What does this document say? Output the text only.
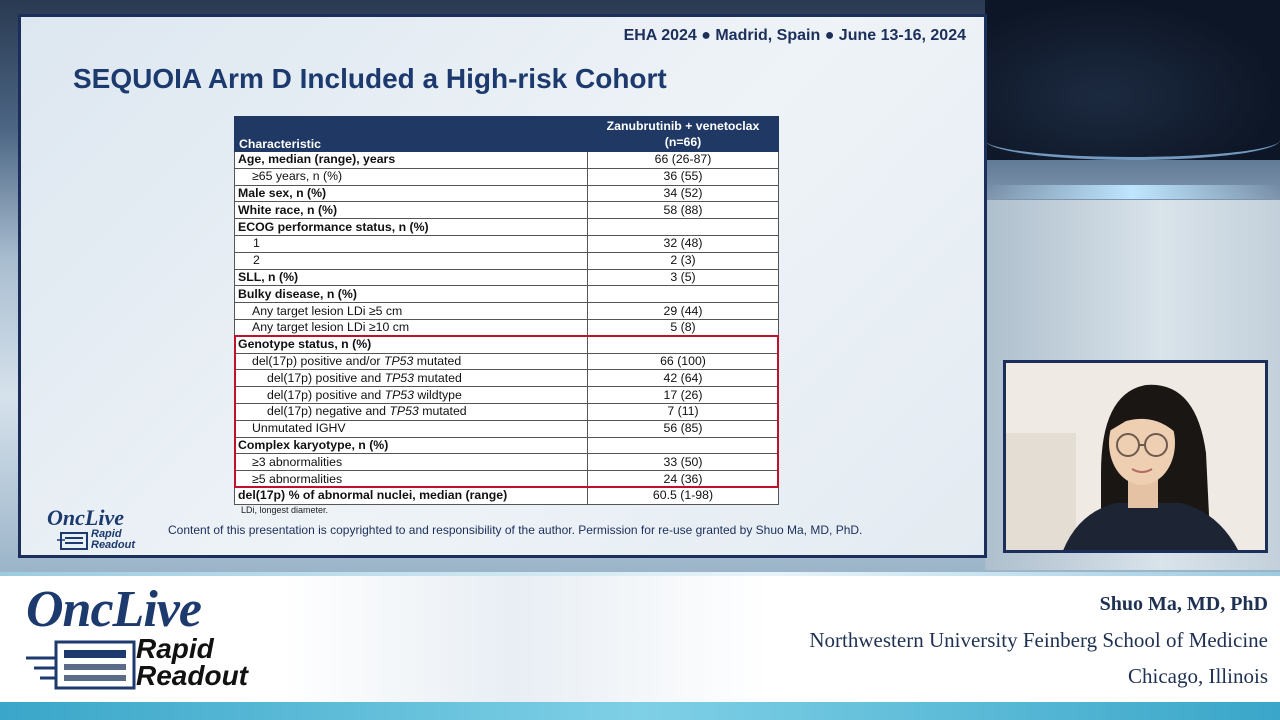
EHA 2024 ● Madrid, Spain ● June 13-16, 2024
SEQUOIA Arm D Included a High-risk Cohort
Characteristic	Zanubrutinib + venetoclax
(n=66)

Age, median (range), years	66 (26-87)
≥65 years, n (%)	36 (55)
Male sex, n (%)	34 (52)
White race, n (%)	58 (88)
ECOG performance status, n (%)	
1	32 (48)
2	2 (3)
SLL, n (%)	3 (5)
Bulky disease, n (%)	
Any target lesion LDi ≥5 cm	29 (44)
Any target lesion LDi ≥10 cm	5 (8)
Genotype status, n (%)	
del(17p) positive and/or TP53 mutated	66 (100)
del(17p) positive and TP53 mutated	42 (64)
del(17p) positive and TP53 wildtype	17 (26)
del(17p) negative and TP53 mutated	7 (11)
Unmutated IGHV	56 (85)
Complex karyotype, n (%)	
≥3 abnormalities	33 (50)
≥5 abnormalities	24 (36)
del(17p) % of abnormal nuclei, median (range)	60.5 (1-98)
LDi, longest diameter.
Content of this presentation is copyrighted to and responsibility of the author. Permission for re-use granted by Shuo Ma, MD, PhD.
OncLive
Rapid
Readout
OncLive
Rapid
Readout
Shuo Ma, MD, PhD
Northwestern University Feinberg School of Medicine
Chicago, Illinois
